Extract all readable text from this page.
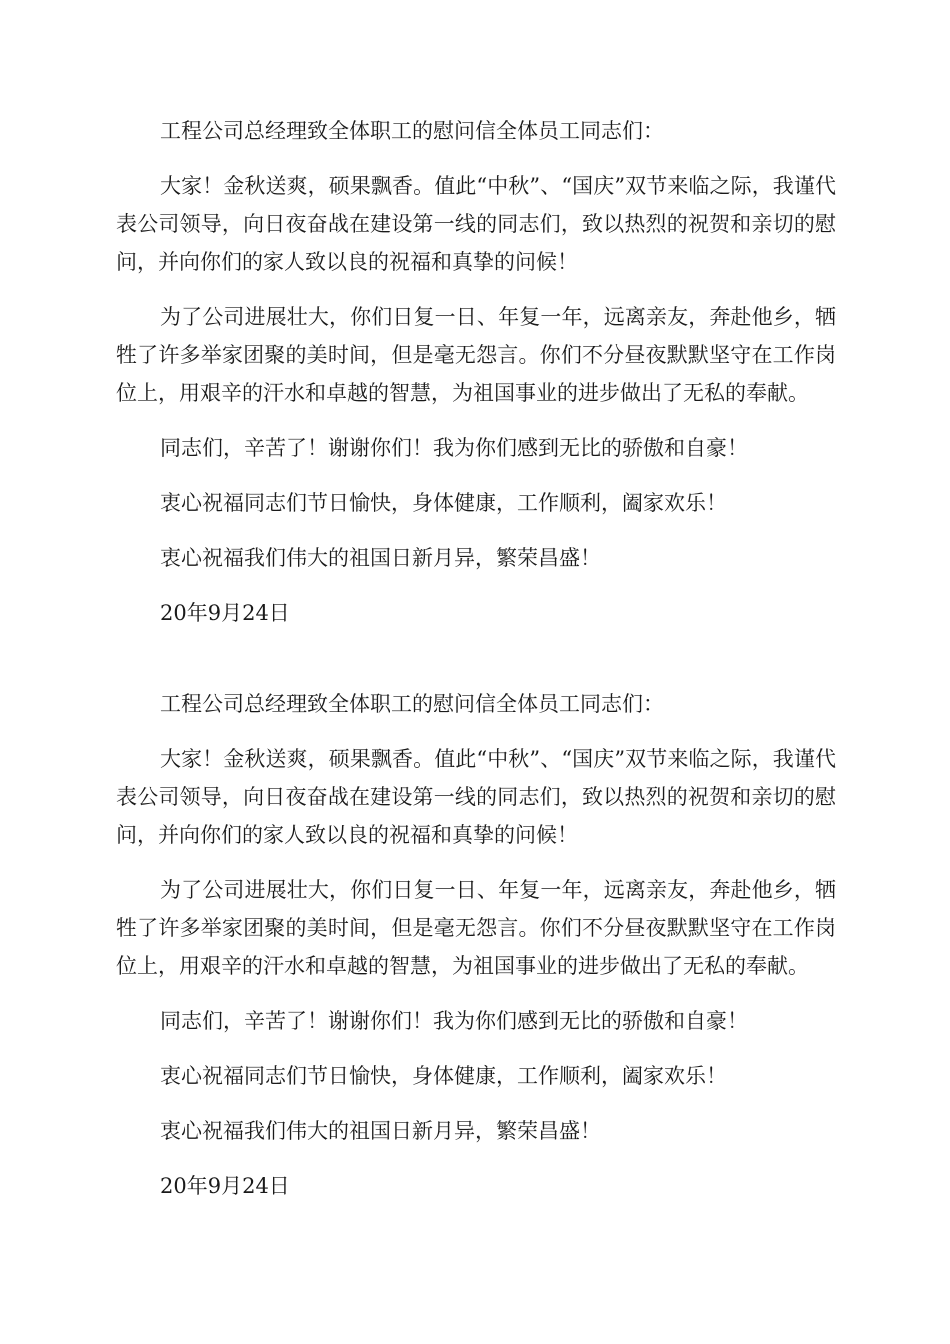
工程公司总经理致全体职工的慰问信全体员工同志们：

大家！金秋送爽，硕果飘香。值此“中秋”、“国庆”双节来临之际，我谨代表公司领导，向日夜奋战在建设第一线的同志们，致以热烈的祝贺和亲切的慰问，并向你们的家人致以良的祝福和真挚的问候！

为了公司进展壮大，你们日复一日、年复一年，远离亲友，奔赴他乡，牺牲了许多举家团聚的美时间，但是毫无怨言。你们不分昼夜默默坚守在工作岗位上，用艰辛的汗水和卓越的智慧，为祖国事业的进步做出了无私的奉献。

同志们，辛苦了！谢谢你们！我为你们感到无比的骄傲和自豪！

衷心祝福同志们节日愉快，身体健康，工作顺利，阖家欢乐！

衷心祝福我们伟大的祖国日新月异，繁荣昌盛！

20年9月24日

工程公司总经理致全体职工的慰问信全体员工同志们：

大家！金秋送爽，硕果飘香。值此“中秋”、“国庆”双节来临之际，我谨代表公司领导，向日夜奋战在建设第一线的同志们，致以热烈的祝贺和亲切的慰问，并向你们的家人致以良的祝福和真挚的问候！

为了公司进展壮大，你们日复一日、年复一年，远离亲友，奔赴他乡，牺牲了许多举家团聚的美时间，但是毫无怨言。你们不分昼夜默默坚守在工作岗位上，用艰辛的汗水和卓越的智慧，为祖国事业的进步做出了无私的奉献。

同志们，辛苦了！谢谢你们！我为你们感到无比的骄傲和自豪！

衷心祝福同志们节日愉快，身体健康，工作顺利，阖家欢乐！

衷心祝福我们伟大的祖国日新月异，繁荣昌盛！

20年9月24日
